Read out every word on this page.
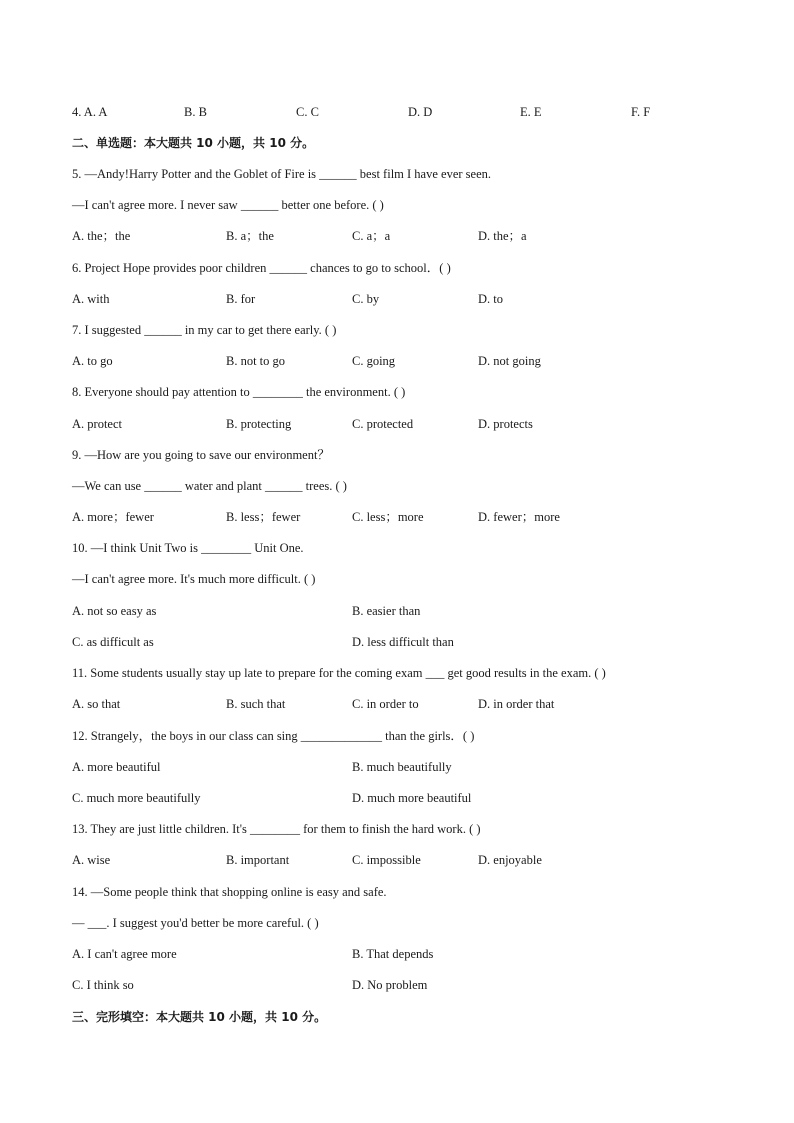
4. A. A	B. B	C. C	D. D	E. E	F. F
二、单选题：本大题共 10 小题，共 10 分。
5. —Andy!Harry Potter and the Goblet of Fire is ______ best film I have ever seen.
—I can't agree more. I never saw ______ better one before. ( )
A. the；the	B. a；the	C. a；a	D. the；a
6. Project Hope provides poor children ______ chances to go to school．( )
A. with	B. for	C. by	D. to
7. I suggested ______ in my car to get there early. ( )
A. to go	B. not to go	C. going	D. not going
8. Everyone should pay attention to ________ the environment. ( )
A. protect	B. protecting	C. protected	D. protects
9. —How are you going to save our environment？
—We can use ______ water and plant ______ trees. ( )
A. more；fewer	B. less；fewer	C. less；more	D. fewer；more
10. —I think Unit Two is ________ Unit One.
—I can't agree more. It's much more difficult. ( )
A. not so easy as	B. easier than
C. as difficult as	D. less difficult than
11. Some students usually stay up late to prepare for the coming exam ___ get good results in the exam. ( )
A. so that	B. such that	C. in order to	D. in order that
12. Strangely，the boys in our class can sing _____________ than the girls．( )
A. more beautiful	B. much beautifully
C. much more beautifully	D. much more beautiful
13. They are just little children. It's ________ for them to finish the hard work. ( )
A. wise	B. important	C. impossible	D. enjoyable
14. —Some people think that shopping online is easy and safe.
— ___. I suggest you'd better be more careful. ( )
A. I can't agree more	B. That depends
C. I think so	D. No problem
三、完形填空：本大题共 10 小题，共 10 分。
